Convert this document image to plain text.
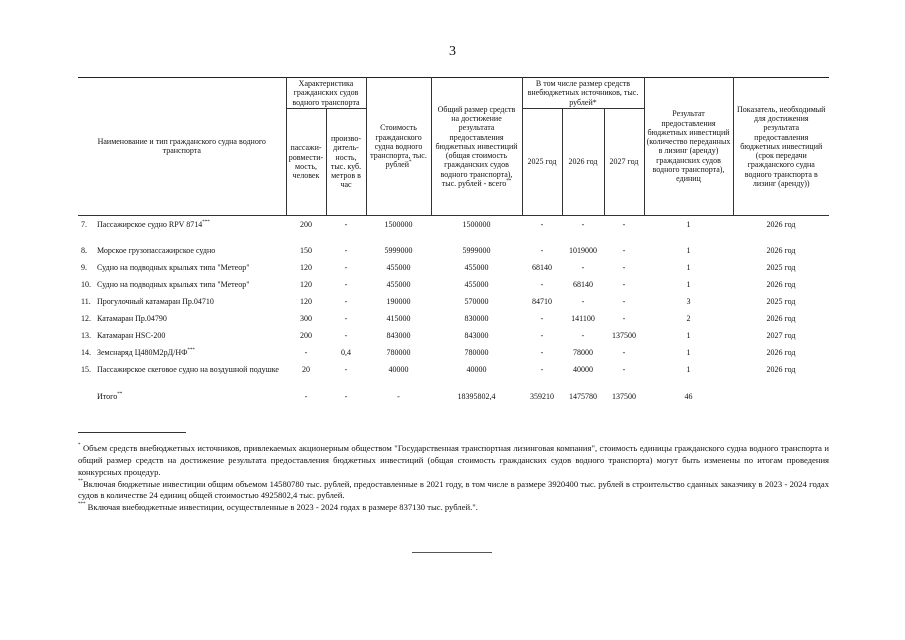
3
Наименование и тип гражданского судна водного транспорта	Характеристика гражданских судов водного транспорта		Стоимость гражданского судна водного транспорта, тыс. рублей*	Общий размер средств на достижение результата предоставления бюджетных инвестиций (общая стоимость гражданских судов водного транспорта), тыс. рублей - всего**	В том числе размер средств внебюджетных источников, тыс. рублей*			Результат предоставления бюджетных инвестиций (количество переданных в лизинг (аренду) гражданских судов водного транспорта), единиц	Показатель, необходимый для достижения результата предоставления бюджетных инвестиций (срок передачи гражданского судна водного транспорта в лизинг (аренду))
	пассажи-ровмести-мость, человек	произво-дитель-ность, тыс. куб. метров в час			2025 год	2026 год	2027 год		
7. Пассажирское судно RPV 8714***	200	-	1500000	1500000	-	-	-	1	2026 год
8. Морское грузопассажирское судно	150	-	5999000	5999000	-	1019000	-	1	2026 год
9. Судно на подводных крыльях типа "Метеор"	120	-	455000	455000	68140	-	-	1	2025 год
10. Судно на подводных крыльях типа "Метеор"	120	-	455000	455000	-	68140	-	1	2026 год
11. Прогулочный катамаран Пр.04710	120	-	190000	570000	84710	-	-	3	2025 год
12. Катамаран Пр.04790	300	-	415000	830000	-	141100	-	2	2026 год
13. Катамаран HSC-200	200	-	843000	843000	-	-	137500	1	2027 год
14. Земснаряд Ц480М2рД/НФ***	-	0,4	780000	780000	-	78000	-	1	2026 год
15. Пассажирское скеговое судно на воздушной подушке	20	-	40000	40000	-	40000	-	1	2026 год
Итого**	-	-	-	18395802,4	359210	1475780	137500	46	

* Объем средств внебюджетных источников, привлекаемых акционерным обществом "Государственная транспортная лизинговая компания", стоимость единицы гражданского судна водного транспорта и общий размер средств на достижение результата предоставления бюджетных инвестиций (общая стоимость гражданских судов водного транспорта) могут быть изменены по итогам проведения конкурсных процедур.

**Включая бюджетные инвестиции общим объемом 14580780 тыс. рублей, предоставленные в 2021 году, в том числе в размере 3920400 тыс. рублей в строительство сданных заказчику в 2023 - 2024 годах судов в количестве 24 единиц общей стоимостью 4925802,4 тыс. рублей.

*** Включая внебюджетные инвестиции, осуществленные в 2023 - 2024 годах в размере 837130 тыс. рублей.".
